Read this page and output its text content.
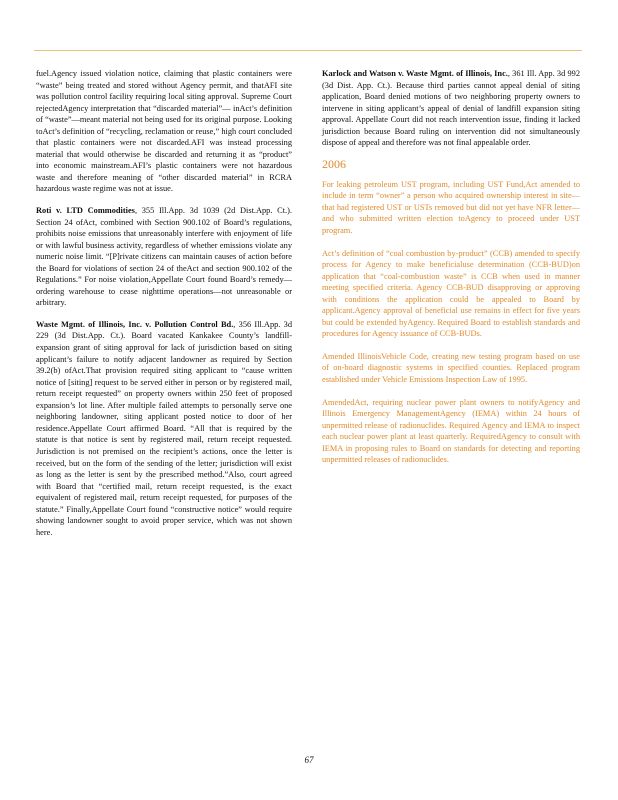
fuel.Agency issued violation notice, claiming that plastic containers were “waste” being treated and stored without Agency permit, and thatAFI site was pollution control facility requiring local siting approval. Supreme Court rejectedAgency interpretation that “discarded material”— inAct’s definition of “waste”—meant material not being used for its original purpose. Looking toAct’s definition of “recycling, reclamation or reuse,” high court concluded that plastic containers were not discarded.AFI was instead processing material that would otherwise be discarded and returning it as “product” into economic mainstream.AFI’s plastic containers were not hazardous waste and therefore meaning of “other discarded material” in RCRA hazardous waste regime was not at issue.

Roti v. LTD Commodities, 355 Ill.App. 3d 1039 (2d Dist.App. Ct.). Section 24 ofAct, combined with Section 900.102 of Board’s regulations, prohibits noise emissions that unreasonably interfere with enjoyment of life or with lawful business activity, regardless of whether emissions violate any numeric noise limit. “[P]rivate citizens can maintain causes of action before the Board for violations of section 24 of theAct and section 900.102 of the Regulations.” For noise violation,Appellate Court found Board’s remedy—ordering warehouse to cease nighttime operations—not unreasonable or arbitrary.

Waste Mgmt. of Illinois, Inc. v. Pollution Control Bd., 356 Ill.App. 3d 229 (3d Dist.App. Ct.). Board vacated Kankakee County’s landfill-expansion grant of siting approval for lack of jurisdiction based on siting applicant’s failure to notify adjacent landowner as required by Section 39.2(b) ofAct.That provision required siting applicant to “cause written notice of [siting] request to be served either in person or by registered mail, return receipt requested” on property owners within 250 feet of proposed expansion’s lot line. After multiple failed attempts to personally serve one neighboring landowner, siting applicant posted notice to door of her residence.Appellate Court affirmed Board. “All that is required by the statute is that notice is sent by registered mail, return receipt requested. Jurisdiction is not premised on the recipient’s actions, once the letter is received, but on the form of the sending of the letter; jurisdiction will exist as long as the letter is sent by the prescribed method.”Also, court agreed with Board that “certified mail, return receipt requested, is the exact equivalent of registered mail, return receipt requested, for purposes of the statute.” Finally,Appellate Court found “constructive notice” would require showing landowner sought to avoid proper service, which was not shown here.

Karlock and Watson v. Waste Mgmt. of Illinois, Inc., 361 Ill. App. 3d 992 (3d Dist. App. Ct.). Because third parties cannot appeal denial of siting application, Board denied motions of two neighboring property owners to intervene in siting applicant’s appeal of denial of landfill expansion siting approval. Appellate Court did not reach intervention issue, finding it lacked jurisdiction because Board ruling on intervention did not simultaneously dispose of appeal and therefore was not final appealable order.

2006

For leaking petroleum UST program, including UST Fund,Act amended to include in term “owner” a person who acquired ownership interest in site—that had registered UST or USTs removed but did not yet have NFR letter—and who submitted written election toAgency to proceed under UST program.

Act’s definition of “coal combustion by-product” (CCB) amended to specify process for Agency to make beneficialuse determination (CCB-BUD)on application that “coal-combustion waste” is CCB when used in manner meeting specified criteria. Agency CCB-BUD disapproving or approving with conditions the application could be appealed to Board by applicant.Agency approval of beneficial use remains in effect for five years but could be extended byAgency. Required Board to establish standards and procedures for Agency issuance of CCB-BUDs.

Amended IllinoisVehicle Code, creating new testing program based on use of on-board diagnostic systems in specified counties. Replaced program established under Vehicle Emissions Inspection Law of 1995.

AmendedAct, requiring nuclear power plant owners to notifyAgency and Illinois Emergency ManagementAgency (IEMA) within 24 hours of unpermitted release of radionuclides. Required Agency and IEMA to inspect each nuclear power plant at least quarterly. RequiredAgency to consult with IEMA in proposing rules to Board on standards for detecting and reporting unpermitted releases of radionuclides.

67
